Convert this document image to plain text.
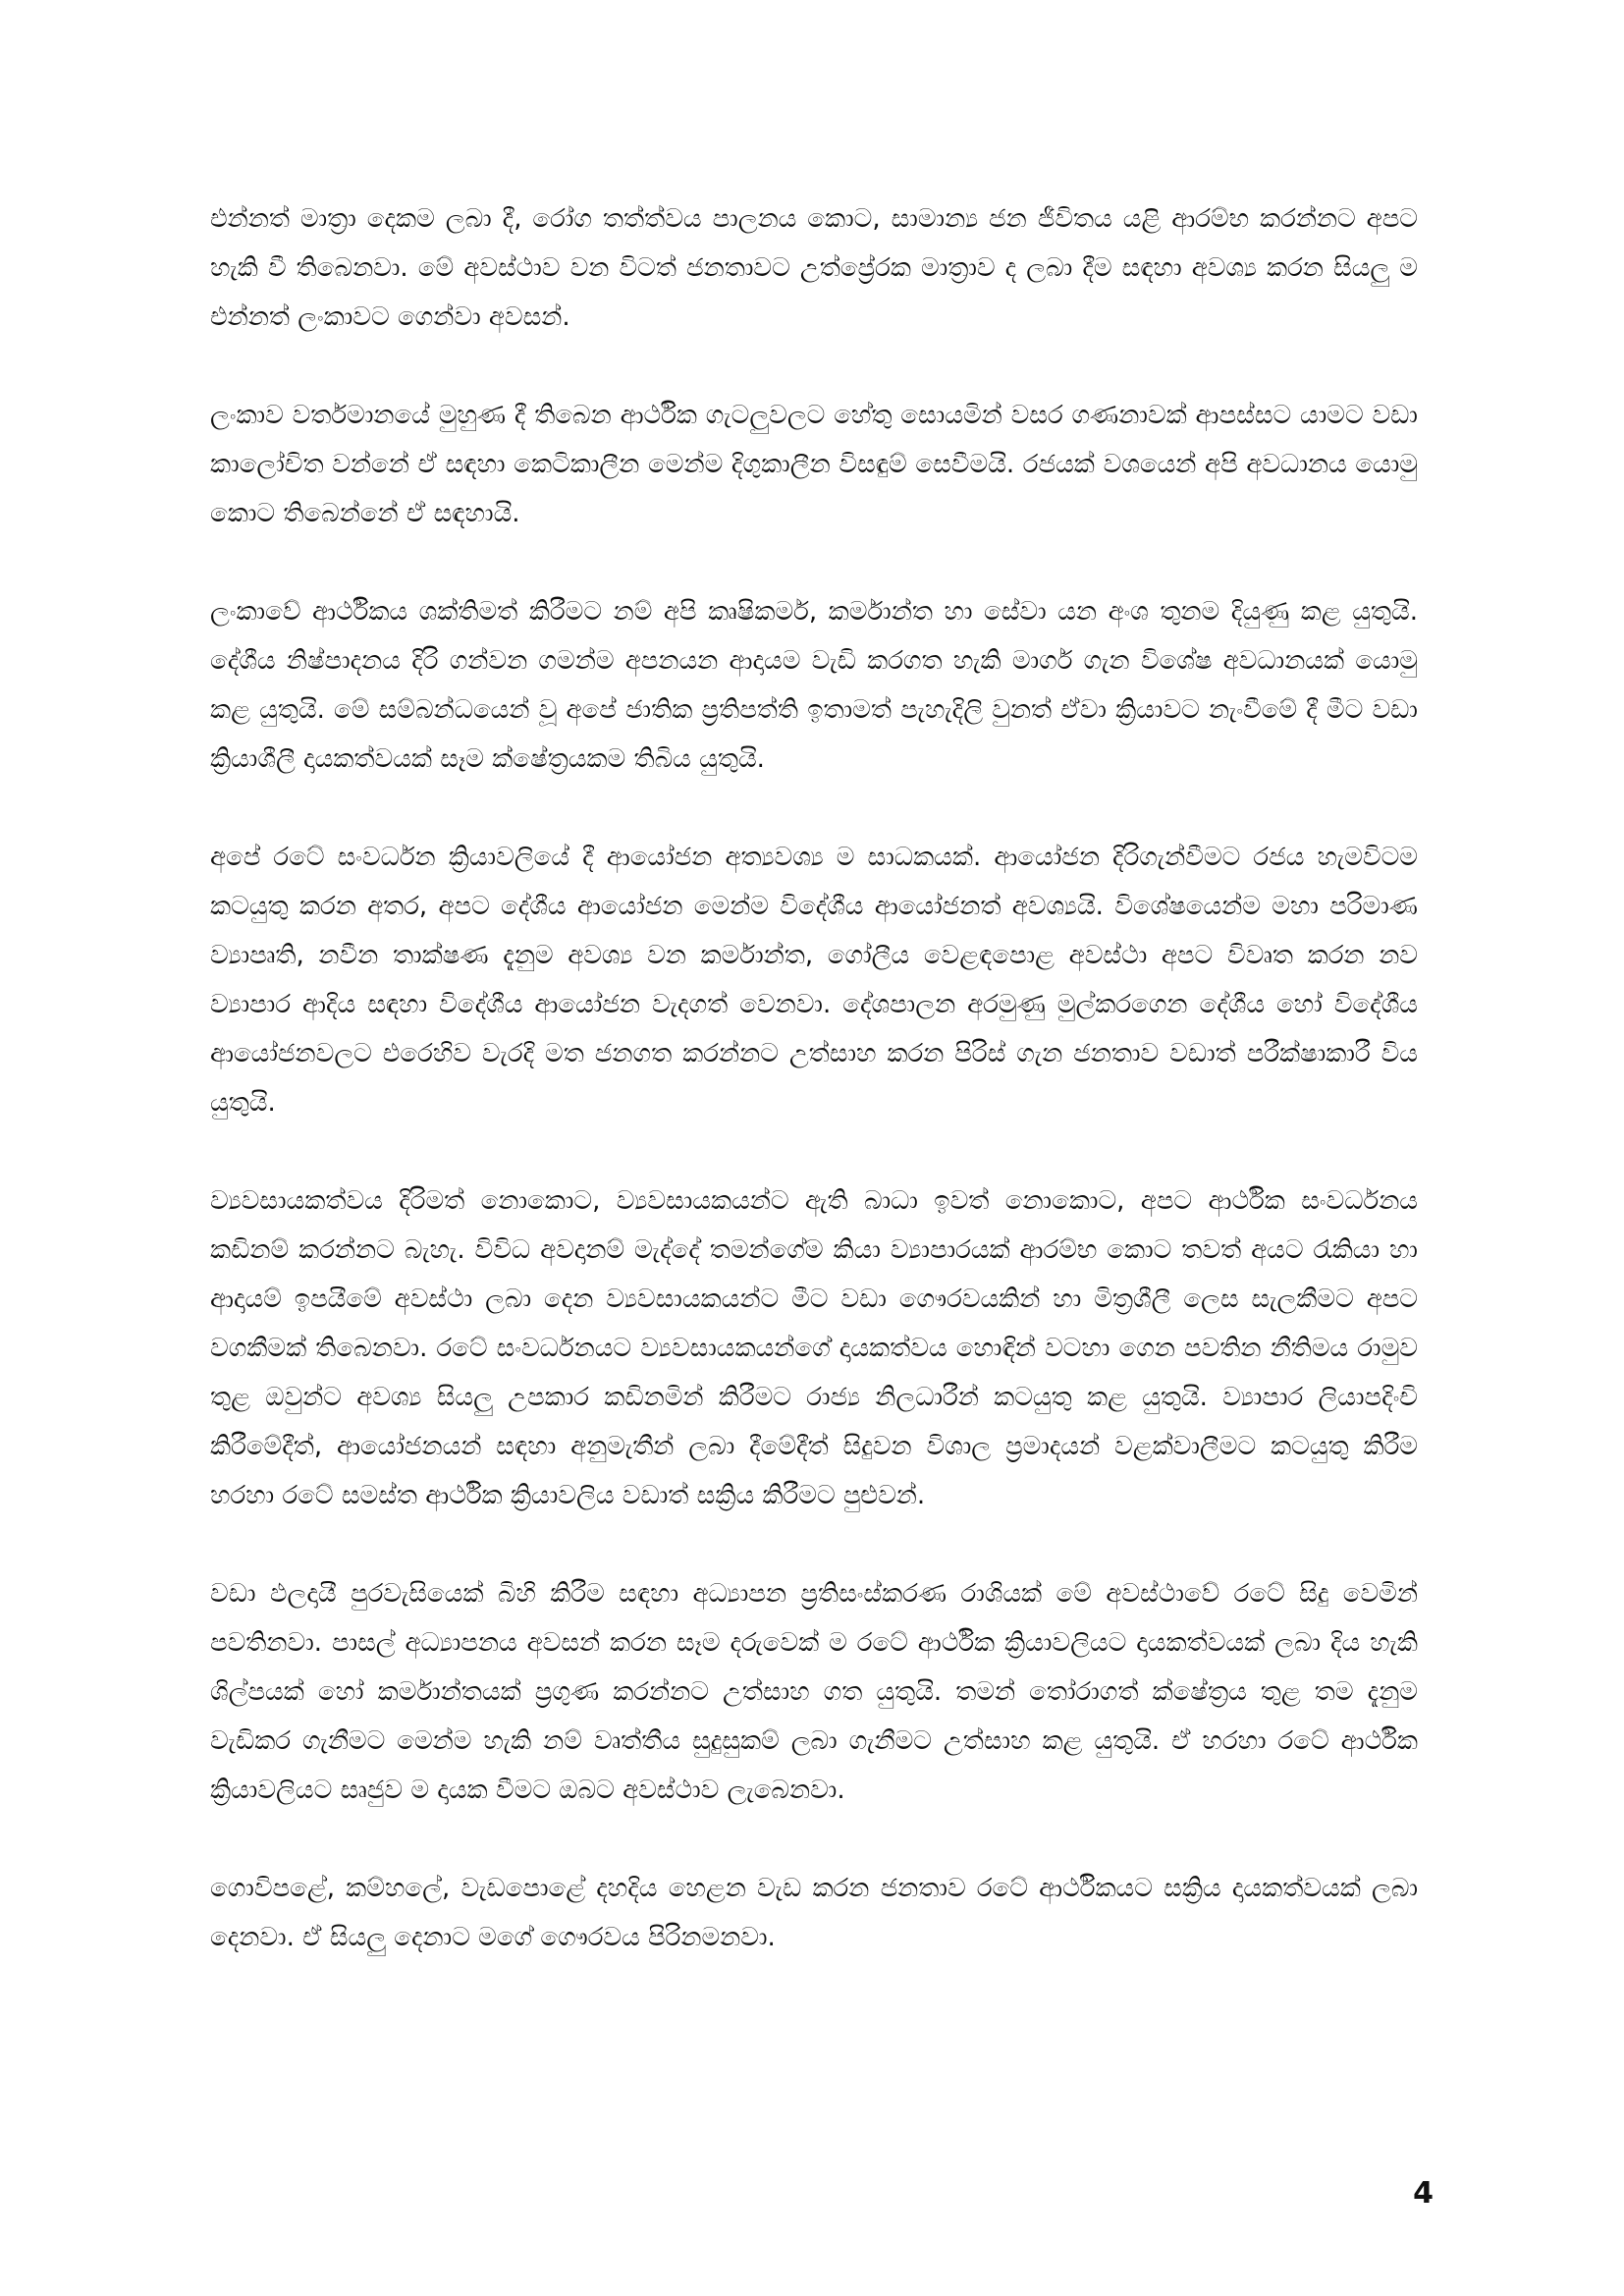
එන්නත් මාත්‍රා දෙකම ලබා දී, රෝග තත්ත්වය පාලනය කොට, සාමාන්‍ය ජන ජීවිතය යළි ආරම්භ කරන්නට අපට හැකි වී තිබෙනවා. මේ අවස්ථාව වන විටත් ජනතාවට උත්ප්‍රේරක මාත්‍රාව ද ලබා දීම සඳහා අවශ්‍ය කරන සියලු ම එන්නත් ලංකාවට ගෙන්වා අවසන්.

ලංකාව වර්තමානයේ මුහුණ දී තිබෙන ආර්ථික ගැටලුවලට හේතු සොයමින් වසර ගණනාවක් ආපස්සට යාමට වඩා කාලෝචිත වන්නේ ඒ සඳහා කෙටිකාලීන මෙන්ම දිගුකාලීන විසඳුම් සෙවීමයි. රජයක් වශයෙන් අපි අවධානය යොමු කොට තිබෙන්නේ ඒ සඳහායි.

ලංකාවේ ආර්ථිකය ශක්තිමත් කිරීමට නම් අපි කෘෂිකර්ම, කර්මාන්ත හා සේවා යන අංශ තුනම දියුණු කළ යුතුයි. දේශීය නිෂ්පාදනය දිරි ගන්වන ගමන්ම අපනයන ආදායම වැඩි කරගත හැකි මාර්ග ගැන විශේෂ අවධානයක් යොමු කළ යුතුයි. මේ සම්බන්ධයෙන් වූ අපේ ජාතික ප්‍රතිපත්ති ඉතාමත් පැහැදිලි වුනත් ඒවා ක්‍රියාවට නැංවීමේ දී මීට වඩා ක්‍රියාශීලී දායකත්වයක් සෑම ක්ෂේත්‍රයකම තිබිය යුතුයි.

අපේ රටේ සංවර්ධන ක්‍රියාවලියේ දී ආයෝජන අත්‍යවශ්‍ය ම සාධකයක්. ආයෝජන දිරිගැන්වීමට රජය හැමවිටම කටයුතු කරන අතර, අපට දේශීය ආයෝජන මෙන්ම විදේශීය ආයෝජනත් අවශ්‍යයි. විශේෂයෙන්ම මහා පරිමාණ ව්‍යාපෘති, නවීන තාක්ෂණ දැනුම අවශ්‍ය වන කර්මාන්ත, ගෝලීය වෙළඳපොළ අවස්ථා අපට විවෘත කරන නව ව්‍යාපාර ආදිය සඳහා විදේශීය ආයෝජන වැදගත් වෙනවා. දේශපාලන අරමුණු මුල්කරගෙන දේශීය හෝ විදේශීය ආයෝජනවලට එරෙහිව වැරදි මත ජනගත කරන්නට උත්සාහ කරන පිරිස් ගැන ජනතාව වඩාත් පරීක්ෂාකාරී විය යුතුයි.

ව්‍යවසායකත්වය දිරිමත් නොකොට, ව්‍යවසායකයන්ට ඇති බාධා ඉවත් නොකොට, අපට ආර්ථික සංවර්ධනය කඩිනම් කරන්නට බැහැ. විවිධ අවදානම් මැද්දේ තමන්ගේම කියා ව්‍යාපාරයක් ආරම්භ කොට තවත් අයට රැකියා හා ආදායම් ඉපයීමේ අවස්ථා ලබා දෙන ව්‍යවසායකයන්ට මීට වඩා ගෞරවයකින් හා මිත්‍රශීලී ලෙස සැලකීමට අපට වගකීමක් තිබෙනවා. රටේ සංවර්ධනයට ව්‍යවසායකයන්ගේ දායකත්වය හොඳින් වටහා ගෙන පවතින නීතිමය රාමුව තුළ ඔවුන්ට අවශ්‍ය සියලු උපකාර කඩිනමින් කිරීමට රාජ්‍ය නිලධාරීන් කටයුතු කළ යුතුයි. ව්‍යාපාර ලියාපදිංචි කිරීමේදීත්, ආයෝජනයන් සඳහා අනුමැතීන් ලබා දීමේදීත් සිදුවන විශාල ප්‍රමාදයන් වළක්වාලීමට කටයුතු කිරීම හරහා රටේ සමස්ත ආර්ථික ක්‍රියාවලිය වඩාත් සක්‍රිය කිරීමට පුළුවන්.

වඩා ඵලදායී පුරවැසියෙක් බිහි කිරීම සඳහා අධ්‍යාපන ප්‍රතිසංස්කරණ රාශියක් මේ අවස්ථාවේ රටේ සිදු වෙමින් පවතිනවා. පාසල් අධ්‍යාපනය අවසන් කරන සෑම දරුවෙක් ම රටේ ආර්ථික ක්‍රියාවලියට දායකත්වයක් ලබා දිය හැකි ශිල්පයක් හෝ කර්මාන්තයක් ප්‍රගුණ කරන්නට උත්සාහ ගත යුතුයි. තමන් තෝරාගත් ක්ෂේත්‍රය තුළ තම දැනුම වැඩිකර ගැනීමට මෙන්ම හැකි නම් වෘත්තීය සුදුසුකම් ලබා ගැනීමට උත්සාහ කළ යුතුයි. ඒ හරහා රටේ ආර්ථික ක්‍රියාවලියට සෘජුව ම දායක වීමට ඔබට අවස්ථාව ලැබෙනවා.

ගොවිපළේ, කම්හලේ, වැඩපොළේ දහදිය හෙළන වැඩ කරන ජනතාව රටේ ආර්ථිකයට සක්‍රිය දායකත්වයක් ලබා දෙනවා. ඒ සියලු දෙනාට මගේ ගෞරවය පිරිනමනවා.

4
